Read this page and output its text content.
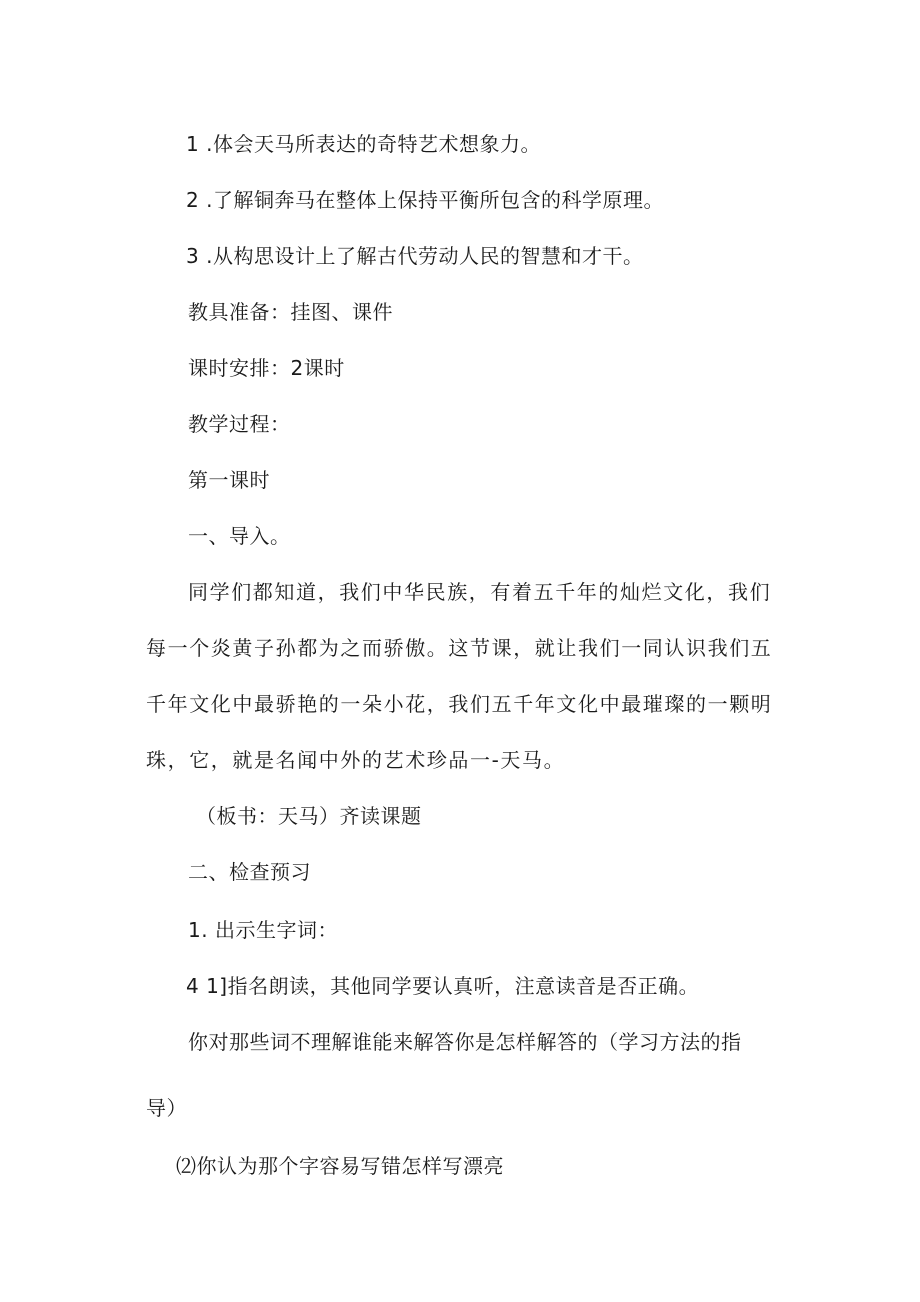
1 .体会天马所表达的奇特艺术想象力。
2 .了解铜奔马在整体上保持平衡所包含的科学原理。
3 .从构思设计上了解古代劳动人民的智慧和才干。
教具准备：挂图、课件
课时安排：2课时
教学过程：
第一课时
一、导入。
同学们都知道，我们中华民族，有着五千年的灿烂文化，我们每一个炎黄子孙都为之而骄傲。这节课，就让我们一同认识我们五千年文化中最骄艳的一朵小花，我们五千年文化中最璀璨的一颗明珠，它，就是名闻中外的艺术珍品一-天马。
（板书：天马）齐读课题
二、检查预习
1. 出示生字词：
4 1]指名朗读，其他同学要认真听，注意读音是否正确。
你对那些词不理解谁能来解答你是怎样解答的（学习方法的指
导）
⑵你认为那个字容易写错怎样写漂亮
